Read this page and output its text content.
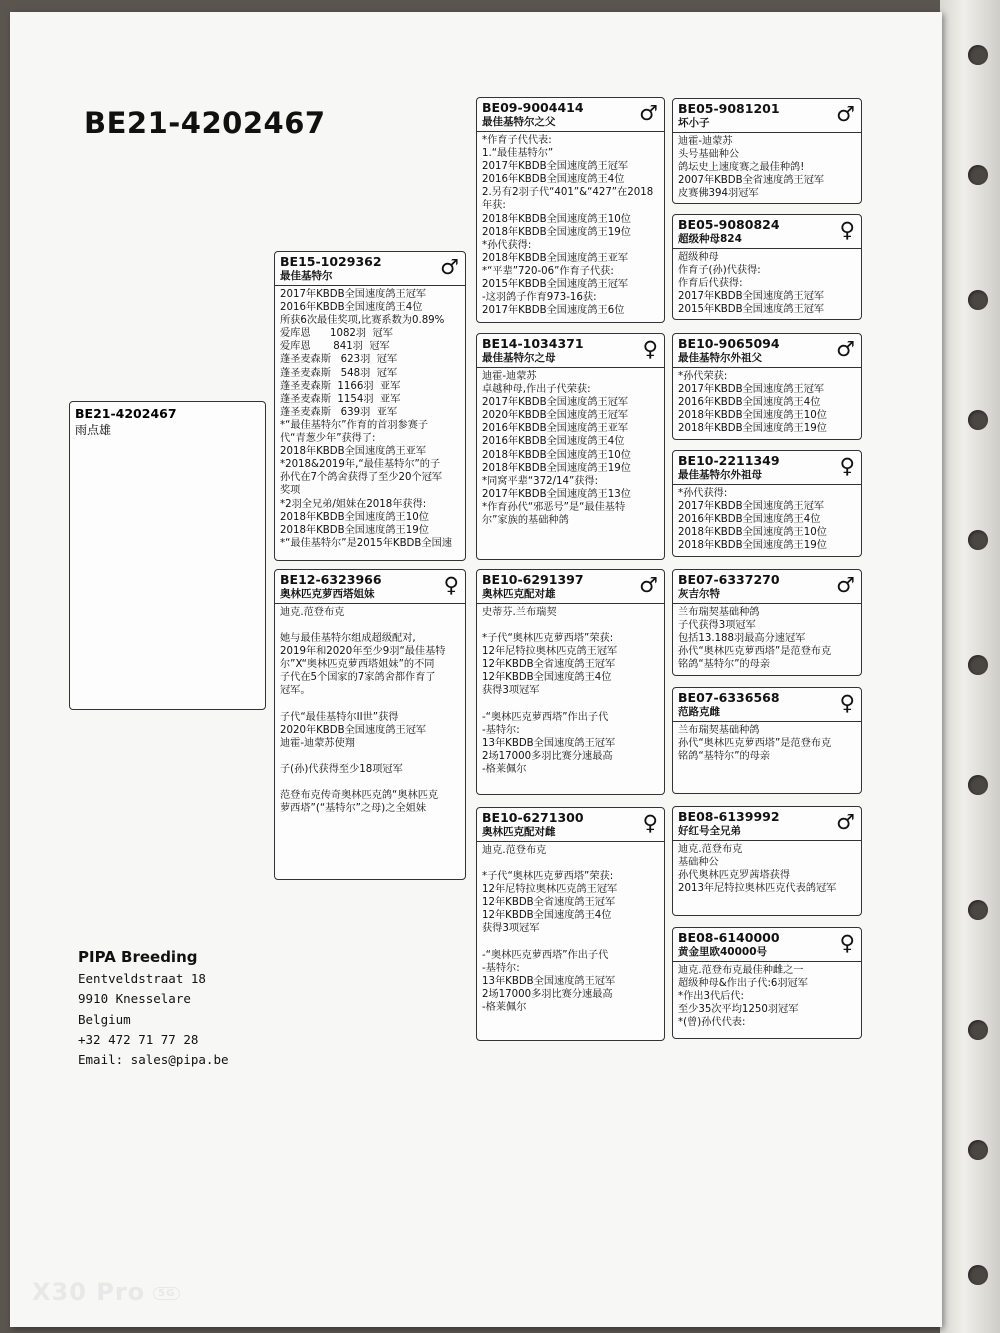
BE21-4202467
BE21-4202467
雨点雄
BE15-1029362
最佳基特尔	♂
2017年KBDB全国速度鸽王冠军
2016年KBDB全国速度鸽王4位
所获6次最佳奖项,比赛系数为0.89%
爱库恩      1082羽  冠军
爱库恩       841羽  冠军
蓬圣麦森斯   623羽  冠军
蓬圣麦森斯   548羽  冠军
蓬圣麦森斯  1166羽  亚军
蓬圣麦森斯  1154羽  亚军
蓬圣麦森斯   639羽  亚军
*“最佳基特尔”作育的首羽参赛子
代“青葱少年”获得了:
2018年KBDB全国速度鸽王亚军
*2018&2019年,“最佳基特尔”的子
孙代在7个鸽舍获得了至少20个冠军
奖项
*2羽全兄弟/姐妹在2018年获得:
2018年KBDB全国速度鸽王10位
2018年KBDB全国速度鸽王19位
*“最佳基特尔”是2015年KBDB全国速
BE12-6323966
奥林匹克萝西塔姐妹	♀
迪克.范登布克
她与最佳基特尔组成超级配对,
2019年和2020年至少9羽“最佳基特
尔”X“奥林匹克萝西塔姐妹”的不同
子代在5个国家的7家鸽舍都作育了
冠军。
子代“最佳基特尔II世”获得
2020年KBDB全国速度鸽王冠军
迪霍-迪蒙苏使翔
子(孙)代获得至少18项冠军
范登布克传奇奥林匹克鸽“奥林匹克
萝西塔”(“基特尔”之母)之全姐妹
BE09-9004414
最佳基特尔之父	♂
*作育子代代表:
1.“最佳基特尔”
2017年KBDB全国速度鸽王冠军
2016年KBDB全国速度鸽王4位
2.另有2羽子代“401”&“427”在2018
年获:
2018年KBDB全国速度鸽王10位
2018年KBDB全国速度鸽王19位
*孙代获得:
2018年KBDB全国速度鸽王亚军
*“平辈”720-06”作育子代获:
2015年KBDB全国速度鸽王冠军
-这羽鸽子作育973-16获:
2017年KBDB全国速度鸽王6位
BE14-1034371
最佳基特尔之母	♀
迪霍-迪蒙苏
卓越种母,作出子代荣获:
2017年KBDB全国速度鸽王冠军
2020年KBDB全国速度鸽王冠军
2016年KBDB全国速度鸽王亚军
2016年KBDB全国速度鸽王4位
2018年KBDB全国速度鸽王10位
2018年KBDB全国速度鸽王19位
*同窝平辈“372/14”获得:
2017年KBDB全国速度鸽王13位
*作育孙代“邪恶号”是“最佳基特
尔”家族的基础种鸽
BE10-6291397
奥林匹克配对雄	♂
史蒂芬.兰布瑞契
*子代“奥林匹克萝西塔”荣获:
12年尼特拉奥林匹克鸽王冠军
12年KBDB全省速度鸽王冠军
12年KBDB全国速度鸽王4位
获得3项冠军
-“奥林匹克萝西塔”作出子代
-基特尔:
13年KBDB全国速度鸽王冠军
2场17000多羽比赛分速最高
-格莱佩尔
BE10-6271300
奥林匹克配对雌	♀
迪克.范登布克
*子代“奥林匹克萝西塔”荣获:
12年尼特拉奥林匹克鸽王冠军
12年KBDB全省速度鸽王冠军
12年KBDB全国速度鸽王4位
获得3项冠军
-“奥林匹克萝西塔”作出子代
-基特尔:
13年KBDB全国速度鸽王冠军
2场17000多羽比赛分速最高
-格莱佩尔
BE05-9081201
坏小子	♂
迪霍-迪蒙苏
头号基础种公
鸽坛史上速度赛之最佳种鸽!
2007年KBDB全省速度鸽王冠军
皮赛佛394羽冠军
BE05-9080824
超级种母824	♀
超级种母
作育子(孙)代获得:
作育后代获得:
2017年KBDB全国速度鸽王冠军
2015年KBDB全国速度鸽王冠军
BE10-9065094
最佳基特尔外祖父	♂
*孙代荣获:
2017年KBDB全国速度鸽王冠军
2016年KBDB全国速度鸽王4位
2018年KBDB全国速度鸽王10位
2018年KBDB全国速度鸽王19位
BE10-2211349
最佳基特尔外祖母	♀
*孙代获得:
2017年KBDB全国速度鸽王冠军
2016年KBDB全国速度鸽王4位
2018年KBDB全国速度鸽王10位
2018年KBDB全国速度鸽王19位
BE07-6337270
灰吉尔特	♂
兰布瑞契基础种鸽
子代获得3项冠军
包括13.188羽最高分速冠军
孙代“奥林匹克萝西塔”是范登布克
铭鸽“基特尔”的母亲
BE07-6336568
范路克雌	♀
兰布瑞契基础种鸽
孙代“奥林匹克萝西塔”是范登布克
铭鸽“基特尔”的母亲
BE08-6139992
好红号全兄弟	♂
迪克.范登布克
基础种公
孙代奥林匹克罗茜塔获得
2013年尼特拉奥林匹克代表鸽冠军
BE08-6140000
黄金里欧40000号	♀
迪克.范登布克最佳种雌之一
超级种母&作出子代:6羽冠军
*作出3代后代:
至少35次平均1250羽冠军
*(曾)孙代代表:
PIPA Breeding
Eentveldstraat 18
9910 Knesselare
Belgium
+32 472 71 77 28
Email: sales@pipa.be
X30 Pro 5G
